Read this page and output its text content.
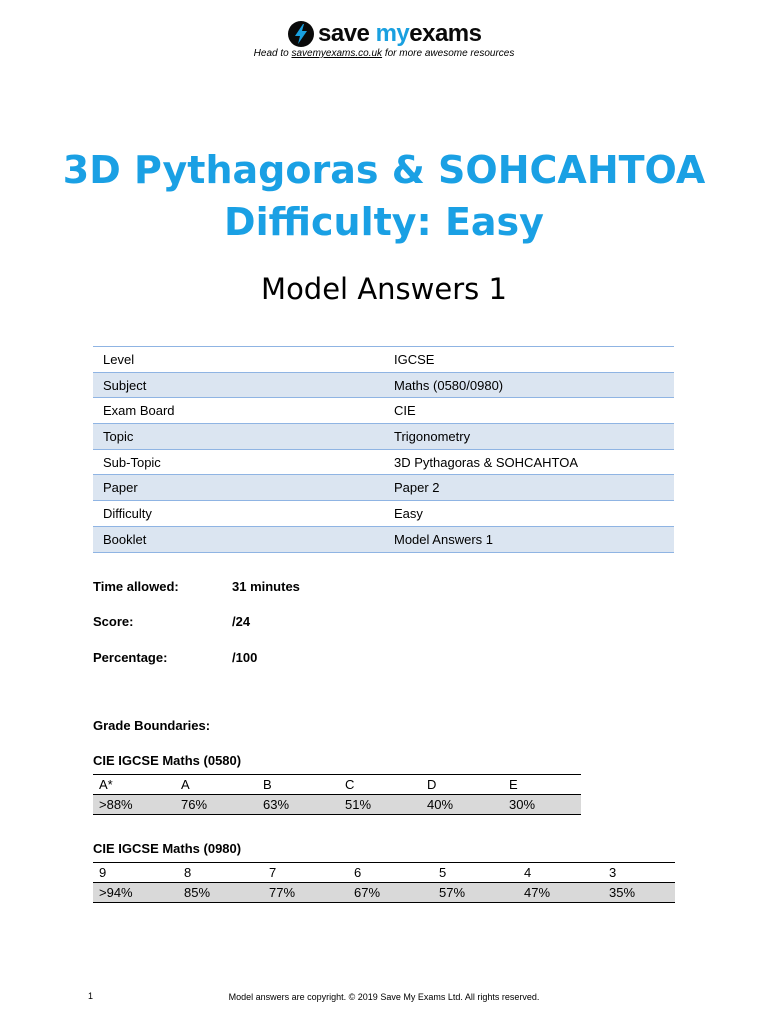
save myexams
Head to savemyexams.co.uk for more awesome resources
3D Pythagoras & SOHCAHTOA
Difficulty: Easy
Model Answers 1
Level	IGCSE
Subject	Maths (0580/0980)
Exam Board	CIE
Topic	Trigonometry
Sub-Topic	3D Pythagoras & SOHCAHTOA
Paper	Paper 2
Difficulty	Easy
Booklet	Model Answers 1
Time allowed:	31 minutes
Score:	/24
Percentage:	/100
Grade Boundaries:
CIE IGCSE Maths (0580)
A*	A	B	C	D	E
>88%	76%	63%	51%	40%	30%
CIE IGCSE Maths (0980)
9	8	7	6	5	4	3
>94%	85%	77%	67%	57%	47%	35%
1	Model answers are copyright. © 2019 Save My Exams Ltd. All rights reserved.
